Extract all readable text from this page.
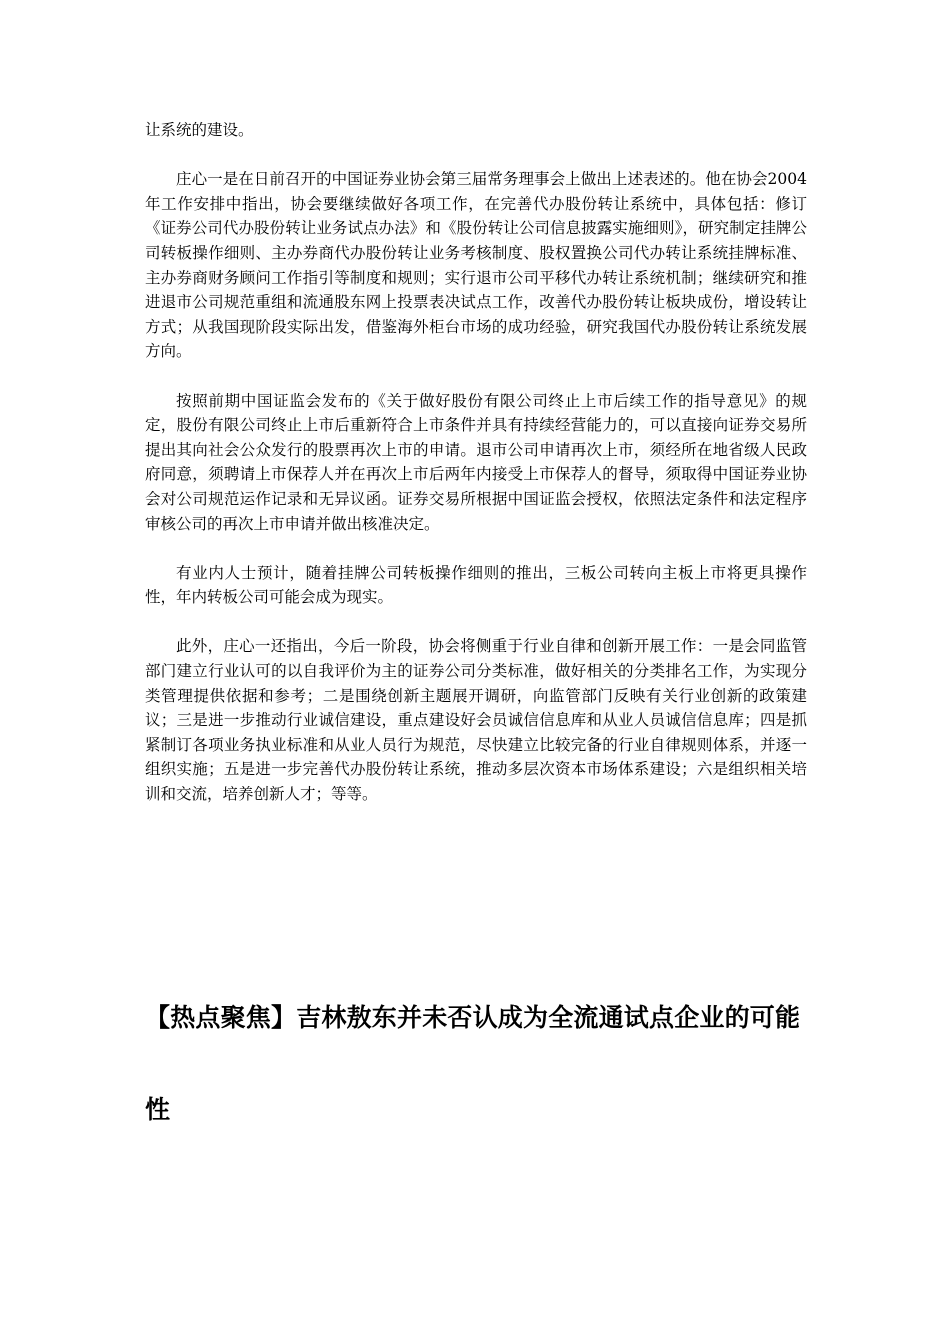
让系统的建设。

庄心一是在日前召开的中国证券业协会第三届常务理事会上做出上述表述的。他在协会2004年工作安排中指出，协会要继续做好各项工作，在完善代办股份转让系统中，具体包括：修订《证券公司代办股份转让业务试点办法》和《股份转让公司信息披露实施细则》，研究制定挂牌公司转板操作细则、主办券商代办股份转让业务考核制度、股权置换公司代办转让系统挂牌标准、主办券商财务顾问工作指引等制度和规则；实行退市公司平移代办转让系统机制；继续研究和推进退市公司规范重组和流通股东网上投票表决试点工作，改善代办股份转让板块成份，增设转让方式；从我国现阶段实际出发，借鉴海外柜台市场的成功经验，研究我国代办股份转让系统发展方向。

按照前期中国证监会发布的《关于做好股份有限公司终止上市后续工作的指导意见》的规定，股份有限公司终止上市后重新符合上市条件并具有持续经营能力的，可以直接向证券交易所提出其向社会公众发行的股票再次上市的申请。退市公司申请再次上市，须经所在地省级人民政府同意，须聘请上市保荐人并在再次上市后两年内接受上市保荐人的督导，须取得中国证券业协会对公司规范运作记录和无异议函。证券交易所根据中国证监会授权，依照法定条件和法定程序审核公司的再次上市申请并做出核准决定。

有业内人士预计，随着挂牌公司转板操作细则的推出，三板公司转向主板上市将更具操作性，年内转板公司可能会成为现实。

此外，庄心一还指出，今后一阶段，协会将侧重于行业自律和创新开展工作：一是会同监管部门建立行业认可的以自我评价为主的证券公司分类标准，做好相关的分类排名工作，为实现分类管理提供依据和参考；二是围绕创新主题展开调研，向监管部门反映有关行业创新的政策建议；三是进一步推动行业诚信建设，重点建设好会员诚信信息库和从业人员诚信信息库；四是抓紧制订各项业务执业标准和从业人员行为规范，尽快建立比较完备的行业自律规则体系，并逐一组织实施；五是进一步完善代办股份转让系统，推动多层次资本市场体系建设；六是组织相关培训和交流，培养创新人才；等等。

【热点聚焦】吉林敖东并未否认成为全流通试点企业的可能性
